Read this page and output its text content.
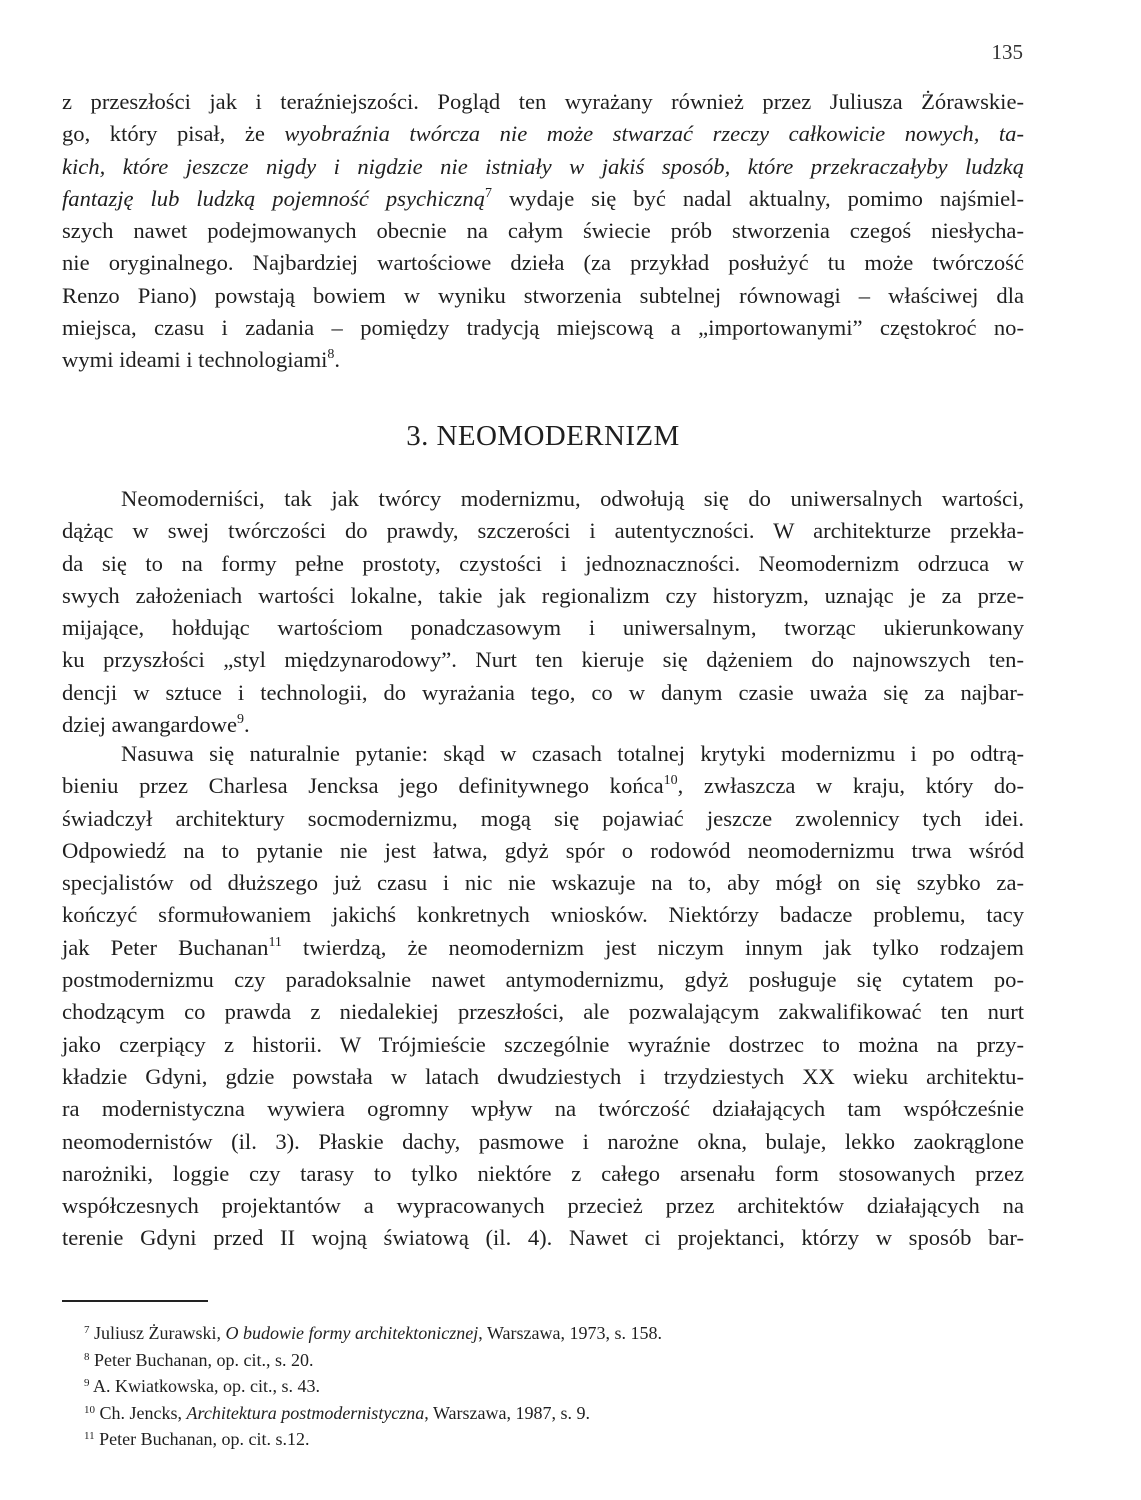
135
z przeszłości jak i teraźniejszości. Pogląd ten wyrażany również przez Juliusza Żórawskie-
go, który pisał, że wyobraźnia twórcza nie może stwarzać rzeczy całkowicie nowych, ta-
kich, które jeszcze nigdy i nigdzie nie istniały w jakiś sposób, które przekraczałyby ludzką
fantazję lub ludzką pojemność psychiczną$^7$ wydaje się być nadal aktualny, pomimo najśmiel-
szych nawet podejmowanych obecnie na całym świecie prób stworzenia czegoś niesłycha-
nie oryginalnego. Najbardziej wartościowe dzieła (za przykład posłużyć tu może twórczość
Renzo Piano) powstają bowiem w wyniku stworzenia subtelnej równowagi – właściwej dla
miejsca, czasu i zadania – pomiędzy tradycją miejscową a „importowanymi” częstokroć no-
wymi ideami i technologiami$^8$.
3. NEOMODERNIZM
Neomoderniści, tak jak twórcy modernizmu, odwołują się do uniwersalnych wartości,
dążąc w swej twórczości do prawdy, szczerości i autentyczności. W architekturze przekła-
da się to na formy pełne prostoty, czystości i jednoznaczności. Neomodernizm odrzuca w
swych założeniach wartości lokalne, takie jak regionalizm czy historyzm, uznając je za prze-
mijające, hołdując wartościom ponadczasowym i uniwersalnym, tworząc ukierunkowany
ku przyszłości „styl międzynarodowy”. Nurt ten kieruje się dążeniem do najnowszych ten-
dencji w sztuce i technologii, do wyrażania tego, co w danym czasie uważa się za najbar-
dziej awangardowe$^9$.
Nasuwa się naturalnie pytanie: skąd w czasach totalnej krytyki modernizmu i po odtrą-
bieniu przez Charlesa Jencksa jego definitywnego końca$^{10}$, zwłaszcza w kraju, który do-
świadczył architektury socmodernizmu, mogą się pojawiać jeszcze zwolennicy tych idei.
Odpowiedź na to pytanie nie jest łatwa, gdyż spór o rodowód neomodernizmu trwa wśród
specjalistów od dłuższego już czasu i nic nie wskazuje na to, aby mógł on się szybko za-
kończyć sformułowaniem jakichś konkretnych wniosków. Niektórzy badacze problemu, tacy
jak Peter Buchanan$^{11}$ twierdzą, że neomodernizm jest niczym innym jak tylko rodzajem
postmodernizmu czy paradoksalnie nawet antymodernizmu, gdyż posługuje się cytatem po-
chodzącym co prawda z niedalekiej przeszłości, ale pozwalającym zakwalifikować ten nurt
jako czerpiący z historii. W Trójmieście szczególnie wyraźnie dostrzec to można na przy-
kładzie Gdyni, gdzie powstała w latach dwudziestych i trzydziestych XX wieku architektu-
ra modernistyczna wywiera ogromny wpływ na twórczość działających tam współcześnie
neomodernistów (il. 3). Płaskie dachy, pasmowe i narożne okna, bulaje, lekko zaokrąglone
narożniki, loggie czy tarasy to tylko niektóre z całego arsenału form stosowanych przez
współczesnych projektantów a wypracowanych przecież przez architektów działających na
terenie Gdyni przed II wojną światową (il. 4). Nawet ci projektanci, którzy w sposób bar-
$^7$ Juliusz Żurawski, O budowie formy architektonicznej, Warszawa, 1973, s. 158.
$^8$ Peter Buchanan, op. cit., s. 20.
$^9$ A. Kwiatkowska, op. cit., s. 43.
$^{10}$ Ch. Jencks, Architektura postmodernistyczna, Warszawa, 1987, s. 9.
$^{11}$ Peter Buchanan, op. cit. s.12.
